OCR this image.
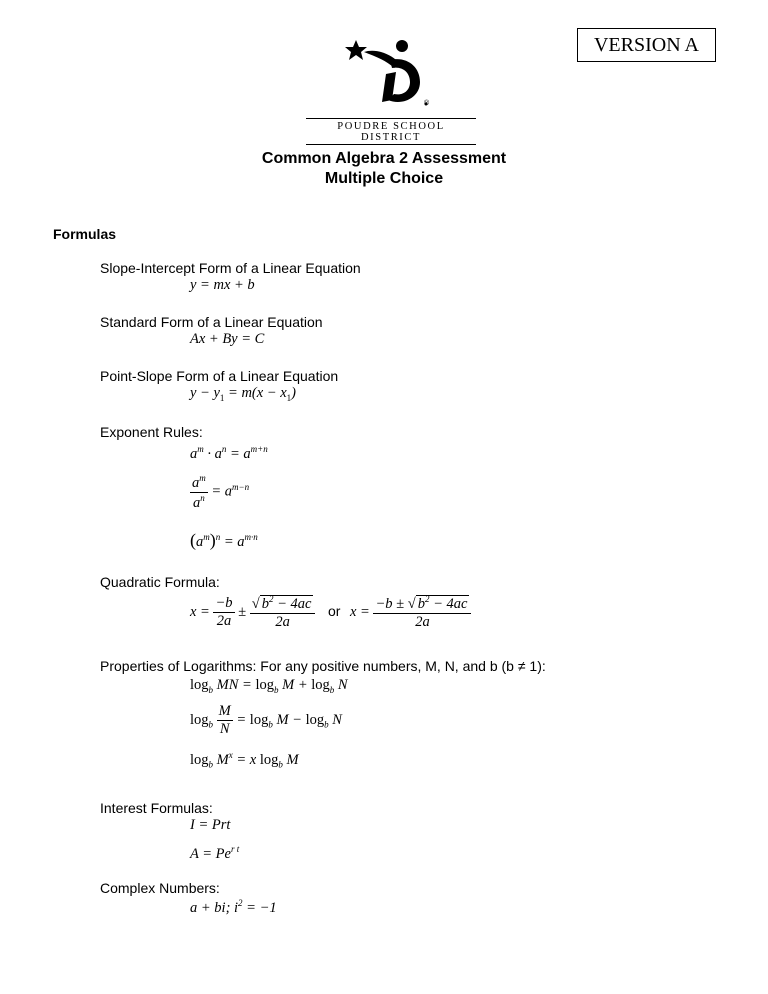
VERSION A
®
POUDRE SCHOOL DISTRICT
Common Algebra 2 Assessment
Multiple Choice
Formulas
Slope-Intercept Form of a Linear Equation
y = mx + b
Standard Form of a Linear Equation
Ax + By = C
Point-Slope Form of a Linear Equation
$y - y_1 = m(x - x_1)$
Exponent Rules:
$a^m \cdot a^n = a^{m+n}$
$\frac{a^m}{a^n} = a^{m-n}$
$(a^m)^n = a^{m\cdot n}$
Quadratic Formula:
$x = \frac{-b}{2a} \pm \frac{√ b^2 - 4ac}{2a}$ or $x = \frac{-b \pm √ b^2 - 4ac}{2a}$
Properties of Logarithms: For any positive numbers, M, N, and b (b ≠ 1):
$\log_b$ MN = $\log_b M + \log_b N$
$\log_b \frac{M}{N} = \log_b M - \log_b N$
$\log_b M^x = x$ $\log_b M$
Interest Formulas:
I = Prt
$A = Pe^{r t}$
Complex Numbers:
a + bi; $i^2 = -1$
